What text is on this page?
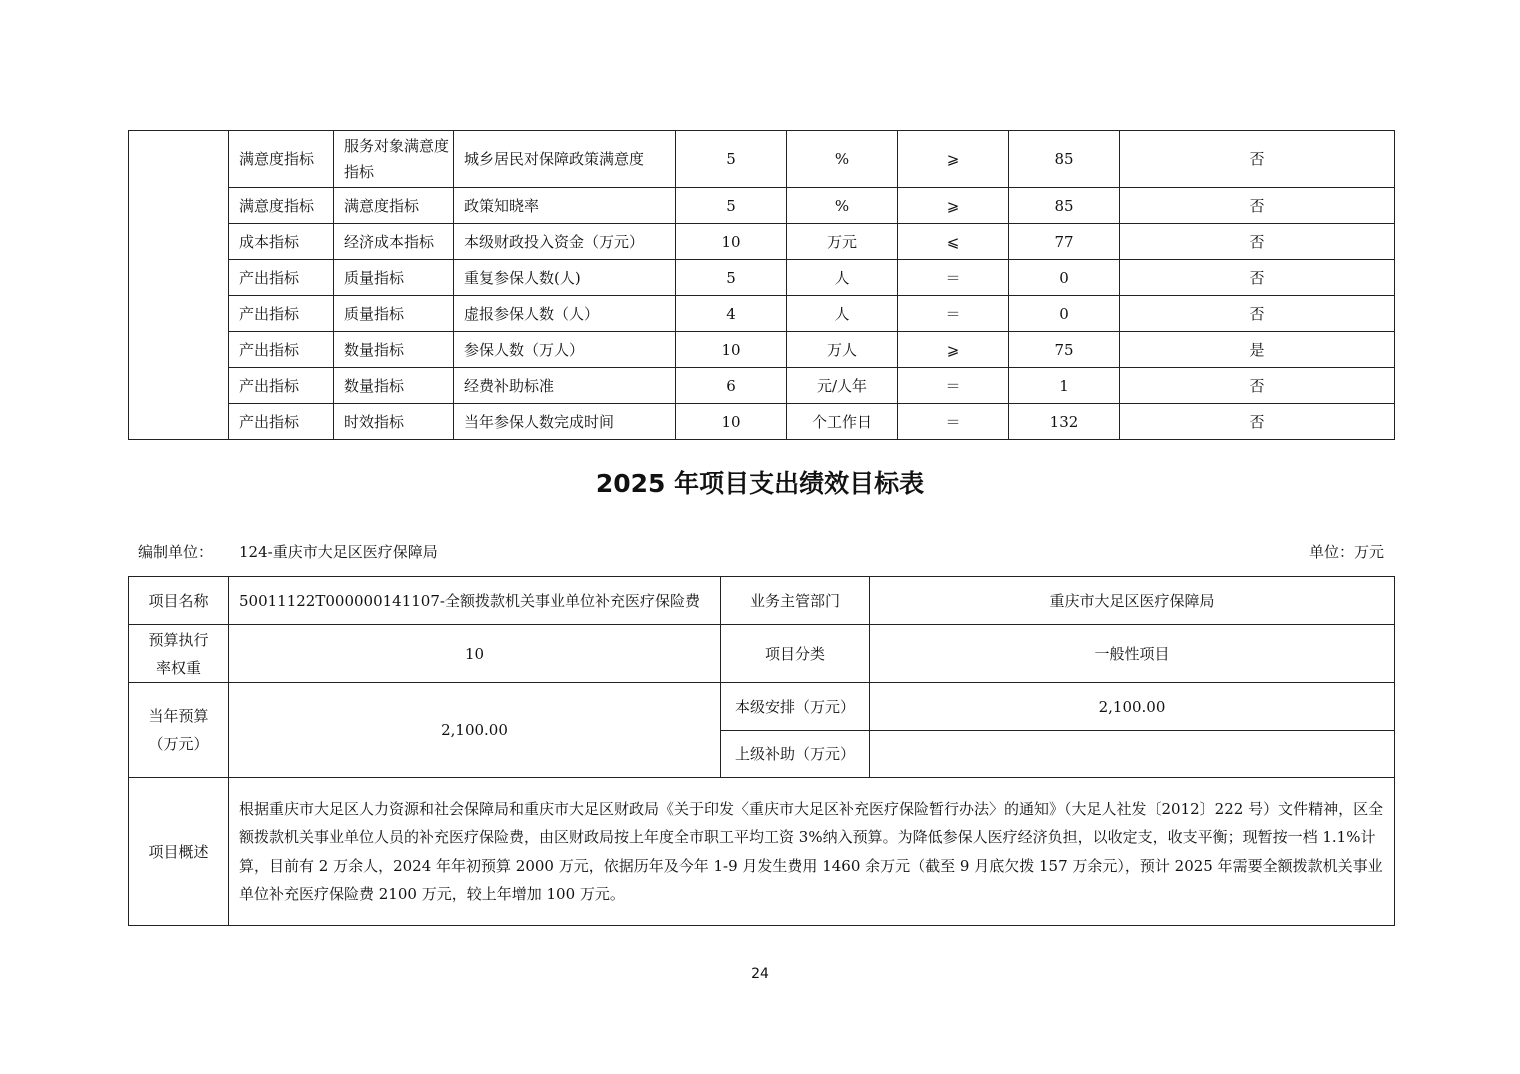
	满意度指标	服务对象满意度指标	城乡居民对保障政策满意度	5	%	⩾	85	否
	满意度指标	满意度指标	政策知晓率	5	%	⩾	85	否
	成本指标	经济成本指标	本级财政投入资金（万元）	10	万元	⩽	77	否
	产出指标	质量指标	重复参保人数(人)	5	人	＝	0	否
	产出指标	质量指标	虚报参保人数（人）	4	人	＝	0	否
	产出指标	数量指标	参保人数（万人）	10	万人	⩾	75	是
	产出指标	数量指标	经费补助标准	6	元/人年	＝	1	否
	产出指标	时效指标	当年参保人数完成时间	10	个工作日	＝	132	否
2025 年项目支出绩效目标表
编制单位： 124-重庆市大足区医疗保障局	单位：万元
项目名称	50011122T000000141107-全额拨款机关事业单位补充医疗保险费	业务主管部门	重庆市大足区医疗保障局
预算执行率权重	10	项目分类	一般性项目
当年预算（万元）	2,100.00	本级安排（万元）	2,100.00
		上级补助（万元）	
项目概述	根据重庆市大足区人力资源和社会保障局和重庆市大足区财政局《关于印发〈重庆市大足区补充医疗保险暂行办法〉的通知》（大足人社发〔2012〕222 号）文件精神，区全额拨款机关事业单位人员的补充医疗保险费，由区财政局按上年度全市职工平均工资 3%纳入预算。为降低参保人医疗经济负担，以收定支，收支平衡；现暂按一档 1.1%计算，目前有 2 万余人，2024 年年初预算 2000 万元，依据历年及今年 1-9 月发生费用 1460 余万元（截至 9 月底欠拨 157 万余元），预计 2025 年需要全额拨款机关事业单位补充医疗保险费 2100 万元，较上年增加 100 万元。		
24
